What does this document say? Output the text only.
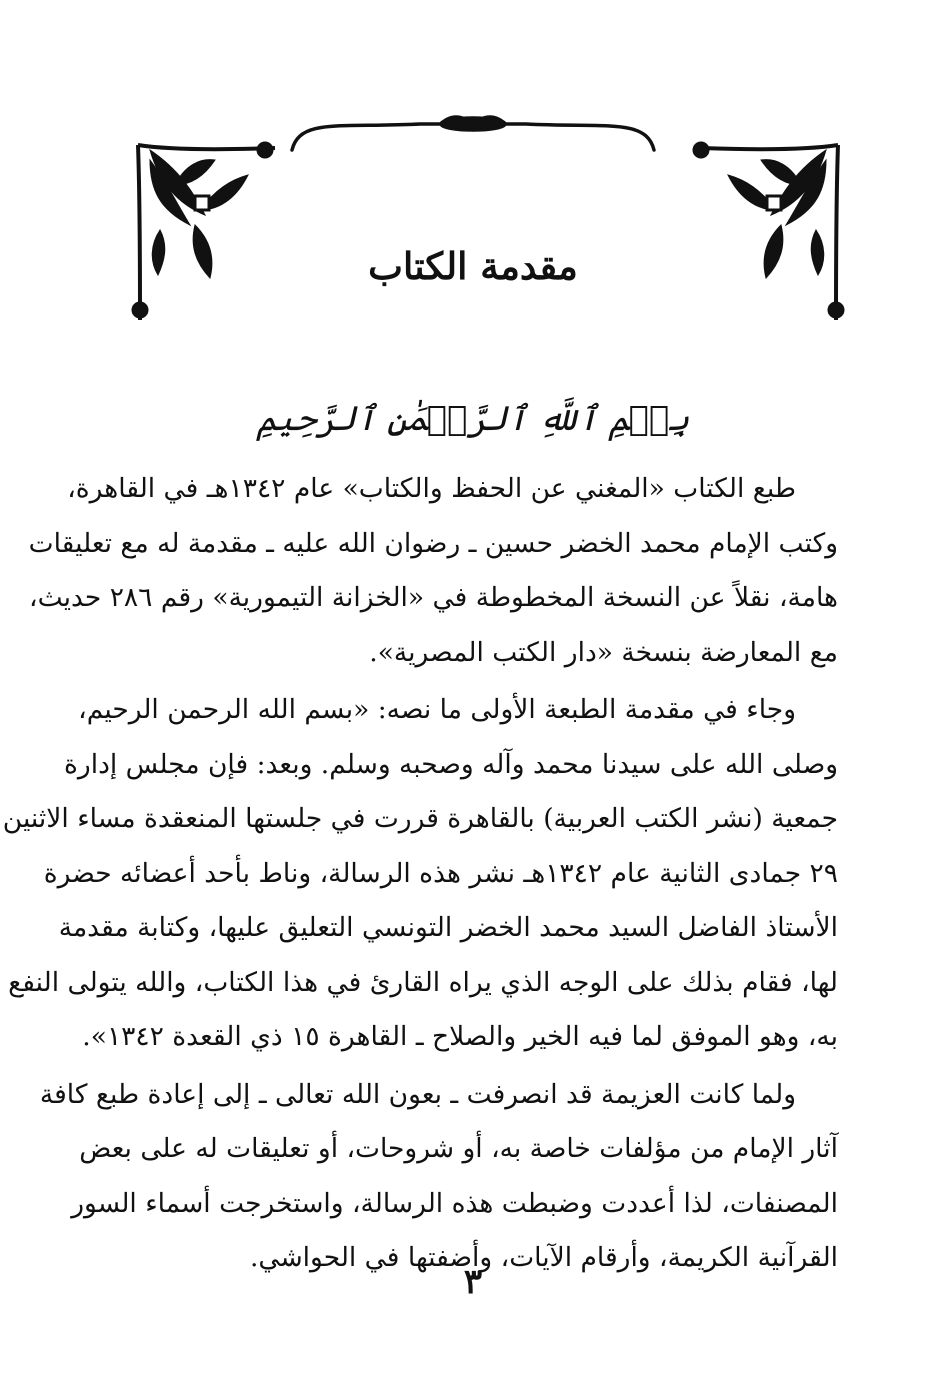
مقدمة الكتاب
بِسۡمِ ٱللَّهِ ٱلرَّحۡمَٰنِ ٱلرَّحِيمِ

طبع الكتاب «المغني عن الحفظ والكتاب» عام ١٣٤٢هـ في القاهرة،
وكتب الإمام محمد الخضر حسين ـ رضوان الله عليه ـ مقدمة له مع تعليقات
هامة، نقلاً عن النسخة المخطوطة في «الخزانة التيمورية» رقم ٢٨٦ حديث،
مع المعارضة بنسخة «دار الكتب المصرية».

وجاء في مقدمة الطبعة الأولى ما نصه: «بسم الله الرحمن الرحيم،
وصلى الله على سيدنا محمد وآله وصحبه وسلم. وبعد: فإن مجلس إدارة
جمعية (نشر الكتب العربية) بالقاهرة قررت في جلستها المنعقدة مساء الاثنين
٢٩ جمادى الثانية عام ١٣٤٢هـ نشر هذه الرسالة، وناط بأحد أعضائه حضرة
الأستاذ الفاضل السيد محمد الخضر التونسي التعليق عليها، وكتابة مقدمة
لها، فقام بذلك على الوجه الذي يراه القارئ في هذا الكتاب، والله يتولى النفع
به، وهو الموفق لما فيه الخير والصلاح ـ القاهرة ١٥ ذي القعدة ١٣٤٢».

ولما كانت العزيمة قد انصرفت ـ بعون الله تعالى ـ إلى إعادة طبع كافة
آثار الإمام من مؤلفات خاصة به، أو شروحات، أو تعليقات له على بعض
المصنفات، لذا أعددت وضبطت هذه الرسالة، واستخرجت أسماء السور
القرآنية الكريمة، وأرقام الآيات، وأضفتها في الحواشي.

٣
